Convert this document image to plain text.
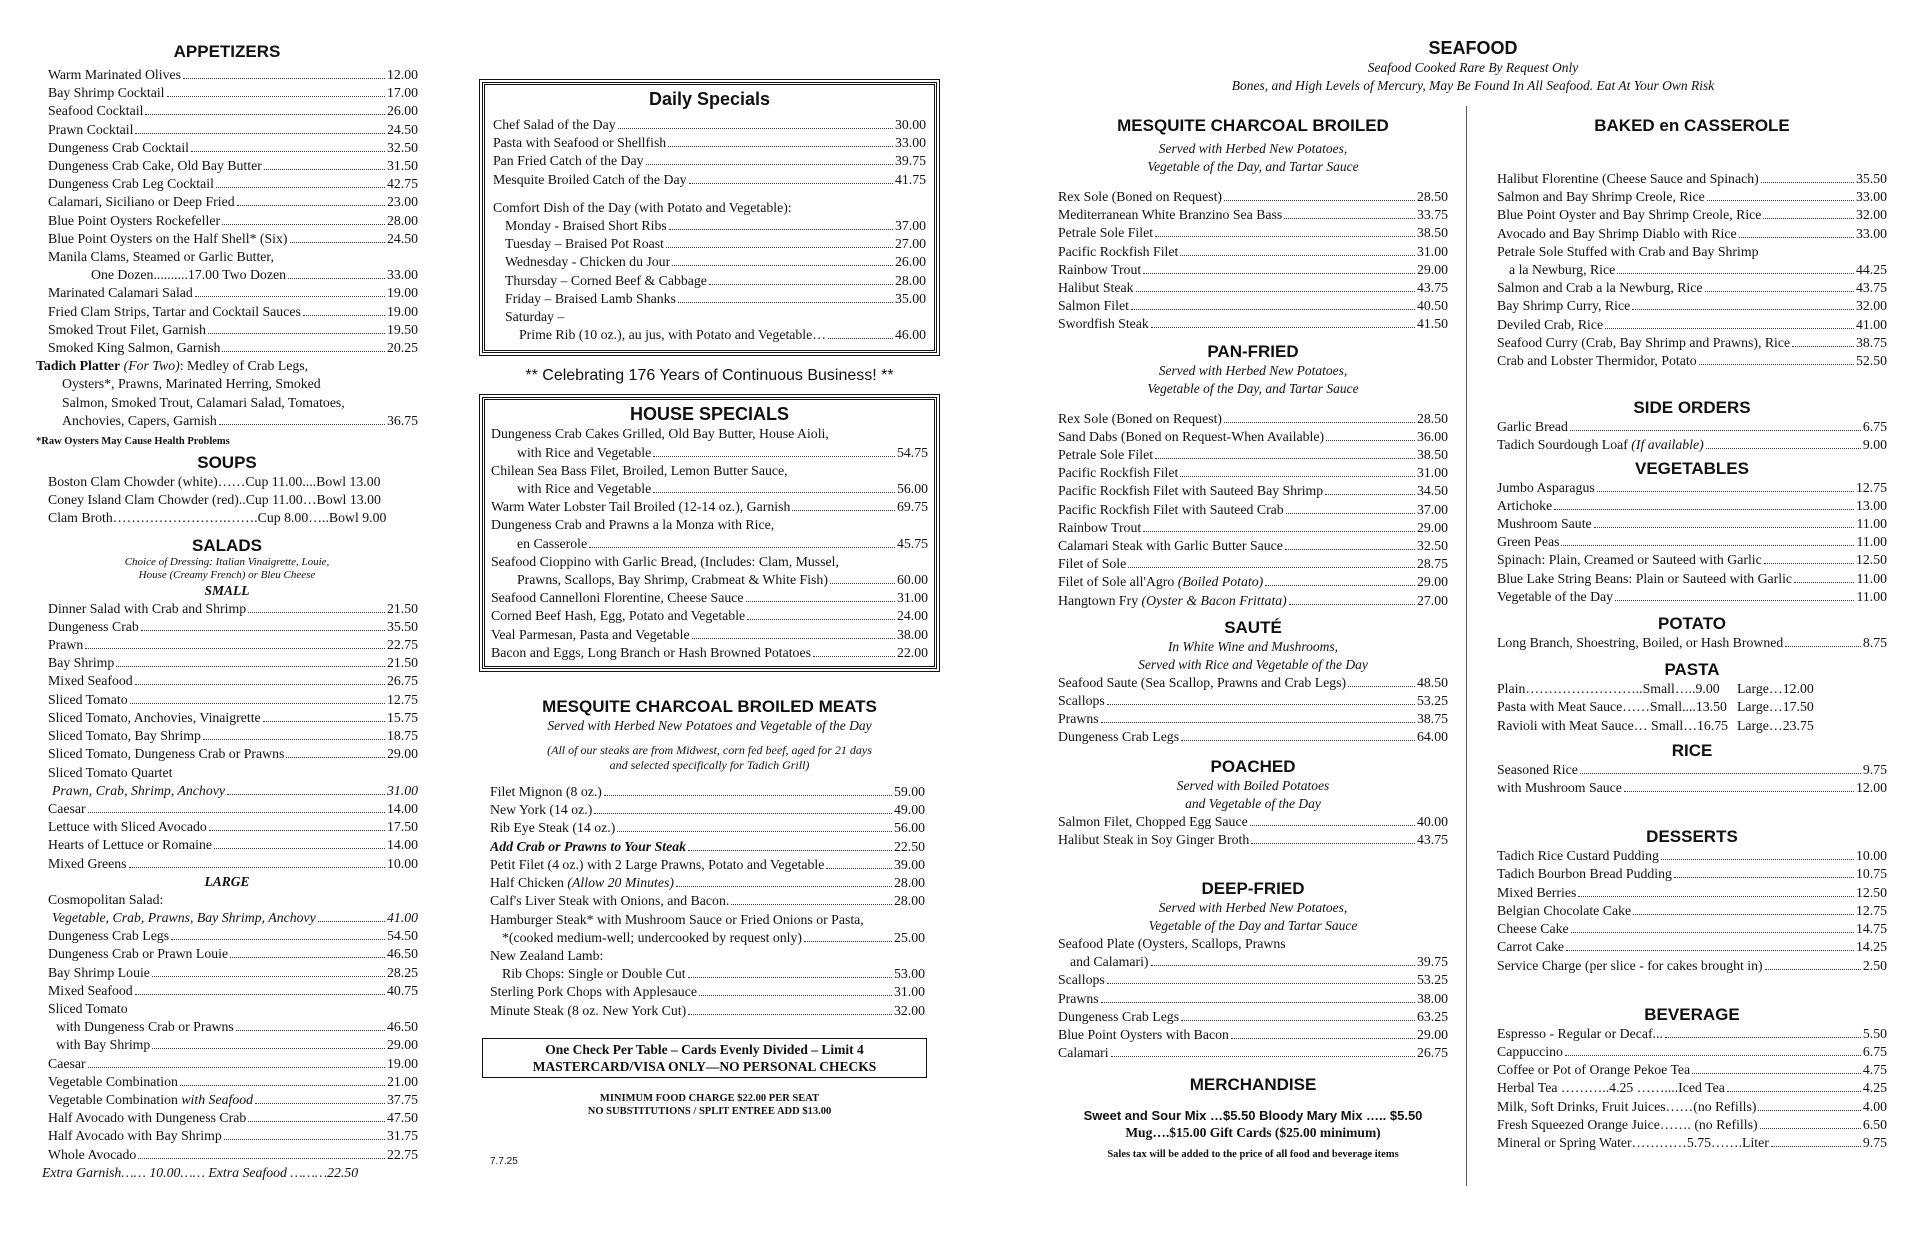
APPETIZERS
Warm Marinated Olives	12.00
Bay Shrimp Cocktail	17.00
Seafood Cocktail	26.00
Prawn Cocktail	24.50
Dungeness Crab Cocktail	32.50
Dungeness Crab Cake, Old Bay Butter	31.50
Dungeness Crab Leg Cocktail	42.75
Calamari, Siciliano or Deep Fried	23.00
Blue Point Oysters Rockefeller	28.00
Blue Point Oysters on the Half Shell* (Six)	24.50
Manila Clams, Steamed or Garlic Butter,
One Dozen..........17.00 Two Dozen	33.00
Marinated Calamari Salad	19.00
Fried Clam Strips, Tartar and Cocktail Sauces	19.00
Smoked Trout Filet, Garnish	19.50
Smoked King Salmon, Garnish	20.25
Tadich Platter (For Two): Medley of Crab Legs,
Oysters*, Prawns, Marinated Herring, Smoked
Salmon, Smoked Trout, Calamari Salad, Tomatoes,
Anchovies, Capers, Garnish	36.75
*Raw Oysters May Cause Health Problems
SOUPS
Boston Clam Chowder (white)……Cup 11.00....Bowl 13.00
Coney Island Clam Chowder (red)..Cup 11.00…Bowl 13.00
Clam Broth…………………….…….Cup 8.00…..Bowl 9.00
SALADS
Choice of Dressing: Italian Vinaigrette, Louie,
House (Creamy French) or Bleu Cheese
SMALL
Dinner Salad with Crab and Shrimp	21.50
Dungeness Crab	35.50
Prawn	22.75
Bay Shrimp	21.50
Mixed Seafood	26.75
Sliced Tomato	12.75
Sliced Tomato, Anchovies, Vinaigrette	15.75
Sliced Tomato, Bay Shrimp	18.75
Sliced Tomato, Dungeness Crab or Prawns	29.00
Sliced Tomato Quartet
Prawn, Crab, Shrimp, Anchovy	31.00
Caesar	14.00
Lettuce with Sliced Avocado	17.50
Hearts of Lettuce or Romaine	14.00
Mixed Greens	10.00
LARGE
Cosmopolitan Salad:
Vegetable, Crab, Prawns, Bay Shrimp, Anchovy	41.00
Dungeness Crab Legs	54.50
Dungeness Crab or Prawn Louie	46.50
Bay Shrimp Louie	28.25
Mixed Seafood	40.75
Sliced Tomato
with Dungeness Crab or Prawns	46.50
with Bay Shrimp	29.00
Caesar	19.00
Vegetable Combination	21.00
Vegetable Combination with Seafood	37.75
Half Avocado with Dungeness Crab	47.50
Half Avocado with Bay Shrimp	31.75
Whole Avocado	22.75
Extra Garnish…… 10.00…… Extra Seafood ………22.50
Daily Specials
Chef Salad of the Day	30.00
Pasta with Seafood or Shellfish	33.00
Pan Fried Catch of the Day	39.75
Mesquite Broiled Catch of the Day	41.75
Comfort Dish of the Day (with Potato and Vegetable):
Monday - Braised Short Ribs	37.00
Tuesday – Braised Pot Roast	27.00
Wednesday - Chicken du Jour	26.00
Thursday – Corned Beef & Cabbage	28.00
Friday – Braised Lamb Shanks	35.00
Saturday –
Prime Rib (10 oz.), au jus, with Potato and Vegetable…	46.00
** Celebrating 176 Years of Continuous Business! **
HOUSE SPECIALS
Dungeness Crab Cakes Grilled, Old Bay Butter, House Aioli,
with Rice and Vegetable	54.75
Chilean Sea Bass Filet, Broiled, Lemon Butter Sauce,
with Rice and Vegetable	56.00
Warm Water Lobster Tail Broiled (12-14 oz.), Garnish	69.75
Dungeness Crab and Prawns a la Monza with Rice,
en Casserole	45.75
Seafood Cioppino with Garlic Bread, (Includes: Clam, Mussel,
Prawns, Scallops, Bay Shrimp, Crabmeat & White Fish)	60.00
Seafood Cannelloni Florentine, Cheese Sauce	31.00
Corned Beef Hash, Egg, Potato and Vegetable	24.00
Veal Parmesan, Pasta and Vegetable	38.00
Bacon and Eggs, Long Branch or Hash Browned Potatoes	22.00
MESQUITE CHARCOAL BROILED MEATS
Served with Herbed New Potatoes and Vegetable of the Day
(All of our steaks are from Midwest, corn fed beef, aged for 21 days
and selected specifically for Tadich Grill)
Filet Mignon (8 oz.)	59.00
New York (14 oz.)	49.00
Rib Eye Steak (14 oz.)	56.00
Add Crab or Prawns to Your Steak	22.50
Petit Filet (4 oz.) with 2 Large Prawns, Potato and Vegetable	39.00
Half Chicken (Allow 20 Minutes)	28.00
Calf's Liver Steak with Onions, and Bacon.	28.00
Hamburger Steak* with Mushroom Sauce or Fried Onions or Pasta,
*(cooked medium-well; undercooked by request only)	25.00
New Zealand Lamb:
Rib Chops: Single or Double Cut	53.00
Sterling Pork Chops with Applesauce	31.00
Minute Steak (8 oz. New York Cut)	32.00
One Check Per Table – Cards Evenly Divided – Limit 4
MASTERCARD/VISA ONLY—NO PERSONAL CHECKS
MINIMUM FOOD CHARGE $22.00 PER SEAT
NO SUBSTITUTIONS / SPLIT ENTREE ADD $13.00
7.7.25
SEAFOOD
Seafood Cooked Rare By Request Only
Bones, and High Levels of Mercury, May Be Found In All Seafood. Eat At Your Own Risk
MESQUITE CHARCOAL BROILED
Served with Herbed New Potatoes,
Vegetable of the Day, and Tartar Sauce
Rex Sole (Boned on Request)	28.50
Mediterranean White Branzino Sea Bass	33.75
Petrale Sole Filet	38.50
Pacific Rockfish Filet	31.00
Rainbow Trout	29.00
Halibut Steak	43.75
Salmon Filet	40.50
Swordfish Steak	41.50
PAN-FRIED
Served with Herbed New Potatoes,
Vegetable of the Day, and Tartar Sauce
Rex Sole (Boned on Request)	28.50
Sand Dabs (Boned on Request-When Available)	36.00
Petrale Sole Filet	38.50
Pacific Rockfish Filet	31.00
Pacific Rockfish Filet with Sauteed Bay Shrimp	34.50
Pacific Rockfish Filet with Sauteed Crab	37.00
Rainbow Trout	29.00
Calamari Steak with Garlic Butter Sauce	32.50
Filet of Sole	28.75
Filet of Sole all'Agro (Boiled Potato)	29.00
Hangtown Fry (Oyster & Bacon Frittata)	27.00
SAUTÉ
In White Wine and Mushrooms,
Served with Rice and Vegetable of the Day
Seafood Saute (Sea Scallop, Prawns and Crab Legs)	48.50
Scallops	53.25
Prawns	38.75
Dungeness Crab Legs	64.00
POACHED
Served with Boiled Potatoes
and Vegetable of the Day
Salmon Filet, Chopped Egg Sauce	40.00
Halibut Steak in Soy Ginger Broth	43.75
DEEP-FRIED
Served with Herbed New Potatoes,
Vegetable of the Day and Tartar Sauce
Seafood Plate (Oysters, Scallops, Prawns
and Calamari)	39.75
Scallops	53.25
Prawns	38.00
Dungeness Crab Legs	63.25
Blue Point Oysters with Bacon	29.00
Calamari	26.75
MERCHANDISE
Sweet and Sour Mix …$5.50 Bloody Mary Mix ….. $5.50
Mug….$15.00 Gift Cards ($25.00 minimum)
Sales tax will be added to the price of all food and beverage items
BAKED en CASSEROLE
Halibut Florentine (Cheese Sauce and Spinach)	35.50
Salmon and Bay Shrimp Creole, Rice	33.00
Blue Point Oyster and Bay Shrimp Creole, Rice	32.00
Avocado and Bay Shrimp Diablo with Rice	33.00
Petrale Sole Stuffed with Crab and Bay Shrimp
a la Newburg, Rice	44.25
Salmon and Crab a la Newburg, Rice	43.75
Bay Shrimp Curry, Rice	32.00
Deviled Crab, Rice	41.00
Seafood Curry (Crab, Bay Shrimp and Prawns), Rice	38.75
Crab and Lobster Thermidor, Potato	52.50
SIDE ORDERS
Garlic Bread	6.75
Tadich Sourdough Loaf (If available)	9.00
VEGETABLES
Jumbo Asparagus	12.75
Artichoke	13.00
Mushroom Saute	11.00
Green Peas	11.00
Spinach: Plain, Creamed or Sauteed with Garlic	12.50
Blue Lake String Beans: Plain or Sauteed with Garlic	11.00
Vegetable of the Day	11.00
POTATO
Long Branch, Shoestring, Boiled, or Hash Browned	8.75
PASTA
Plain……………………..Small…..9.00	Large…12.00
Pasta with Meat Sauce……Small....13.50 Large…17.50
Ravioli with Meat Sauce… Small…16.75 Large…23.75
RICE
Seasoned Rice	9.75
with Mushroom Sauce	12.00
DESSERTS
Tadich Rice Custard Pudding	10.00
Tadich Bourbon Bread Pudding	10.75
Mixed Berries	12.50
Belgian Chocolate Cake	12.75
Cheese Cake	14.75
Carrot Cake	14.25
Service Charge (per slice - for cakes brought in)	2.50
BEVERAGE
Espresso - Regular or Decaf...	5.50
Cappuccino	6.75
Coffee or Pot of Orange Pekoe Tea	4.75
Herbal Tea ………..4.25 ……....Iced Tea	4.25
Milk, Soft Drinks, Fruit Juices……(no Refills)	4.00
Fresh Squeezed Orange Juice……. (no Refills)	6.50
Mineral or Spring Water…………5.75…….Liter	9.75
